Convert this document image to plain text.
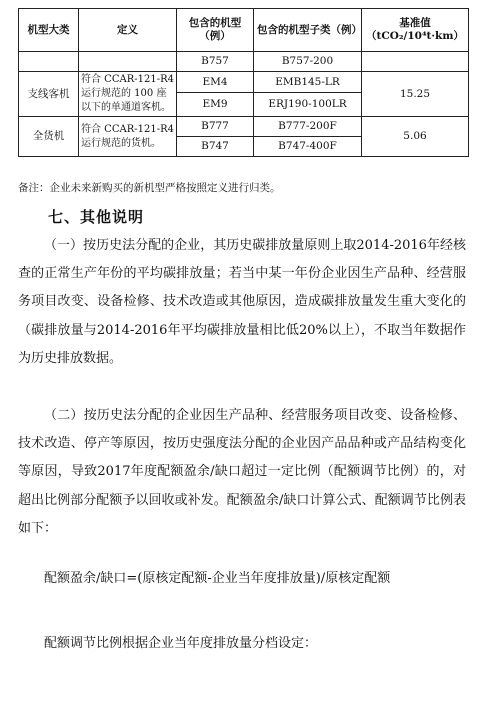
机型大类	定义	包含的机型（例）	包含的机型子类（例）	基准值（tCO₂/10⁴t·km）
		B757	B757-200	
支线客机	符合 CCAR-121-R4 运行规范的 100 座以下的单通道客机。	EM4	EMB145-LR	15.25
		EM9	ERJ190-100LR	
全货机	符合 CCAR-121-R4 运行规范的货机。	B777	B777-200F	5.06
		B747	B747-400F	
备注：企业未来新购买的新机型严格按照定义进行归类。
七、其他说明
（一）按历史法分配的企业，其历史碳排放量原则上取2014-2016年经核查的正常生产年份的平均碳排放量；若当中某一年份企业因生产品种、经营服务项目改变、设备检修、技术改造或其他原因，造成碳排放量发生重大变化的（碳排放量与2014-2016年平均碳排放量相比低20%以上），不取当年数据作为历史排放数据。
（二）按历史法分配的企业因生产品种、经营服务项目改变、设备检修、技术改造、停产等原因，按历史强度法分配的企业因产品品种或产品结构变化等原因，导致2017年度配额盈余/缺口超过一定比例（配额调节比例）的，对超出比例部分配额予以回收或补发。配额盈余/缺口计算公式、配额调节比例表如下：
配额盈余/缺口=(原核定配额-企业当年度排放量)/原核定配额
配额调节比例根据企业当年度排放量分档设定：
